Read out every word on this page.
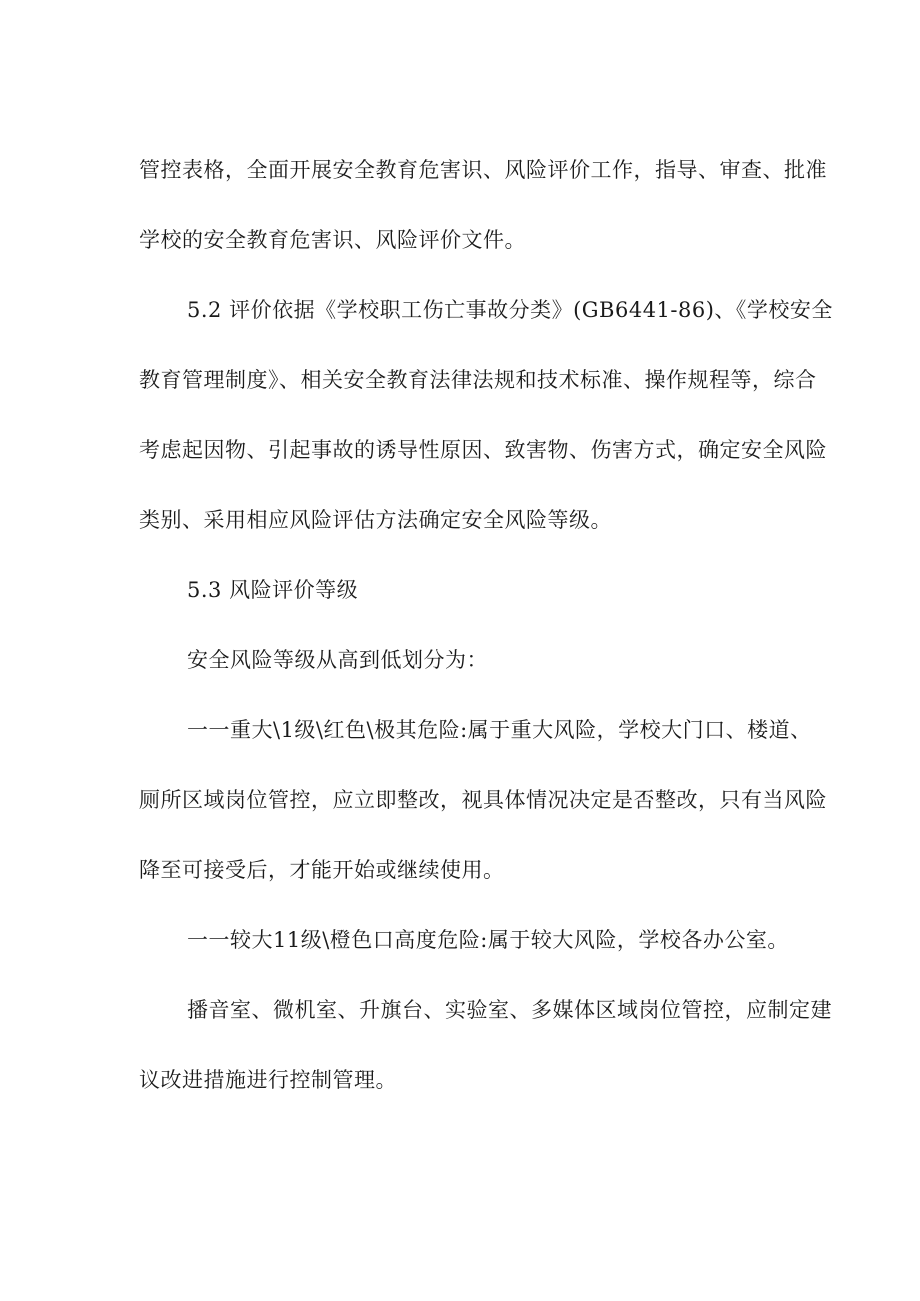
管控表格，全面开展安全教育危害识、风险评价工作，指导、审查、批准
学校的安全教育危害识、风险评价文件。
5.2 评价依据《学校职工伤亡事故分类》(GB6441-86)、《学校安全
教育管理制度》、相关安全教育法律法规和技术标准、操作规程等，综合
考虑起因物、引起事故的诱导性原因、致害物、伤害方式，确定安全风险
类别、采用相应风险评估方法确定安全风险等级。
5.3 风险评价等级
安全风险等级从高到低划分为：
一一重大\1级\红色\极其危险:属于重大风险，学校大门口、楼道、
厕所区域岗位管控，应立即整改，视具体情况决定是否整改，只有当风险
降至可接受后，才能开始或继续使用。
一一较大11级\橙色口高度危险:属于较大风险，学校各办公室。
播音室、微机室、升旗台、实验室、多媒体区域岗位管控，应制定建
议改进措施进行控制管理。
